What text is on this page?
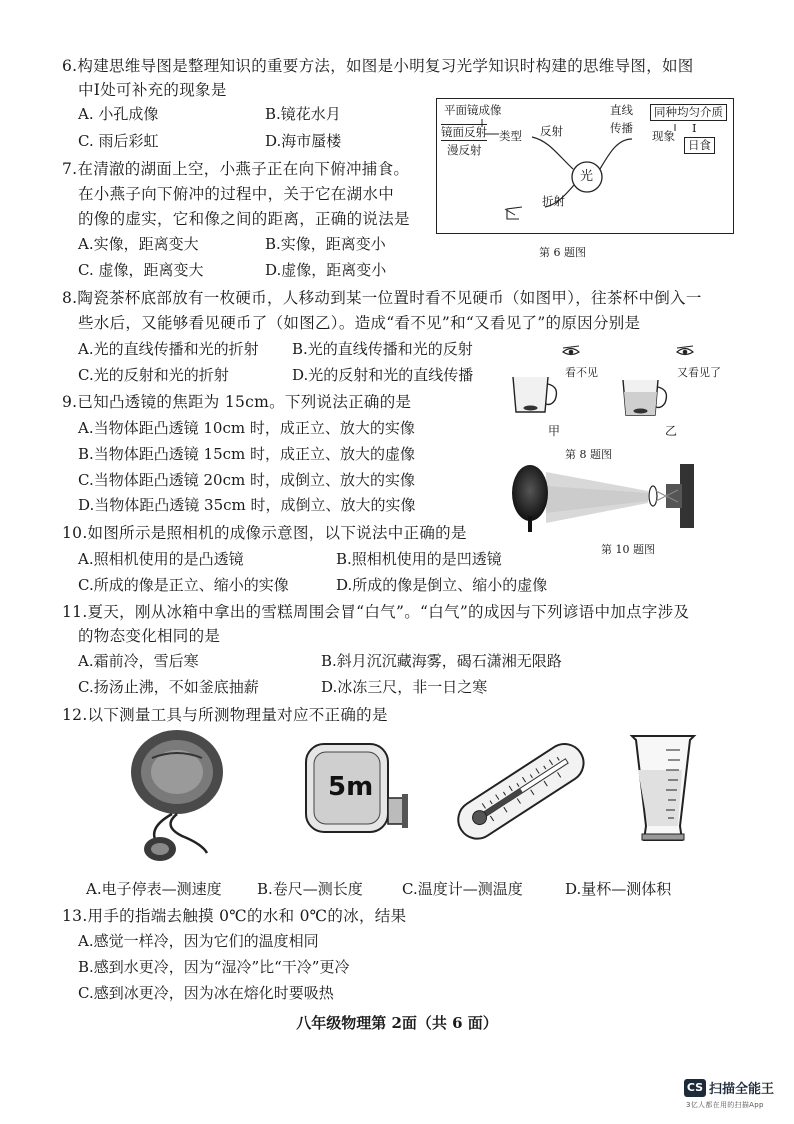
6.构建思维导图是整理知识的重要方法，如图是小明复习光学知识时构建的思维导图，如图
中Ⅰ处可补充的现象是
A. 小孔成像	B.镜花水月
C. 雨后彩虹	D.海市蜃楼
平面镜成像
镜面反射
漫反射
类型 反射
直线
传播
同种均匀介质
现象
I
日食
光
折射
第 6 题图
7.在清澈的湖面上空，小燕子正在向下俯冲捕食。
在小燕子向下俯冲的过程中，关于它在湖水中
的像的虚实，它和像之间的距离，正确的说法是
A.实像，距离变大	B.实像，距离变小
C. 虚像，距离变大	D.虚像，距离变小
8.陶瓷茶杯底部放有一枚硬币，人移动到某一位置时看不见硬币（如图甲），往茶杯中倒入一
些水后，又能够看见硬币了（如图乙）。造成“看不见”和“又看见了”的原因分别是
A.光的直线传播和光的折射 B.光的直线传播和光的反射
C.光的反射和光的折射	D.光的反射和光的直线传播	看不见	又看见了
甲	乙
第 8 题图
9.已知凸透镜的焦距为 15cm。下列说法正确的是
A.当物体距凸透镜 10cm 时，成正立、放大的实像
B.当物体距凸透镜 15cm 时，成正立、放大的虚像
C.当物体距凸透镜 20cm 时，成倒立、放大的实像
D.当物体距凸透镜 35cm 时，成倒立、放大的实像
第 10 题图
10.如图所示是照相机的成像示意图，以下说法中正确的是
A.照相机使用的是凸透镜	B.照相机使用的是凹透镜
C.所成的像是正立、缩小的实像	D.所成的像是倒立、缩小的虚像
11.夏天，刚从冰箱中拿出的雪糕周围会冒“白气”。“白气”的成因与下列谚语中加点字涉及
的物态变化相同的是
A.霜前冷，雪后寒	B.斜月沉沉藏海雾，碣石潇湘无限路
C.扬汤止沸，不如釜底抽薪	D.冰冻三尺，非一日之寒
12.以下测量工具与所测物理量对应不正确的是
5m
A.电子停表—测速度 B.卷尺—测长度	C.温度计—测温度	D.量杯—测体积
13.用手的指端去触摸 0℃的水和 0℃的冰，结果
A.感觉一样冷，因为它们的温度相同
B.感到水更冷，因为“湿冷”比“干冷”更冷
C.感到冰更冷，因为冰在熔化时要吸热
八年级物理第 2面（共 6 面）
CS 扫描全能王
3亿人都在用的扫描App
